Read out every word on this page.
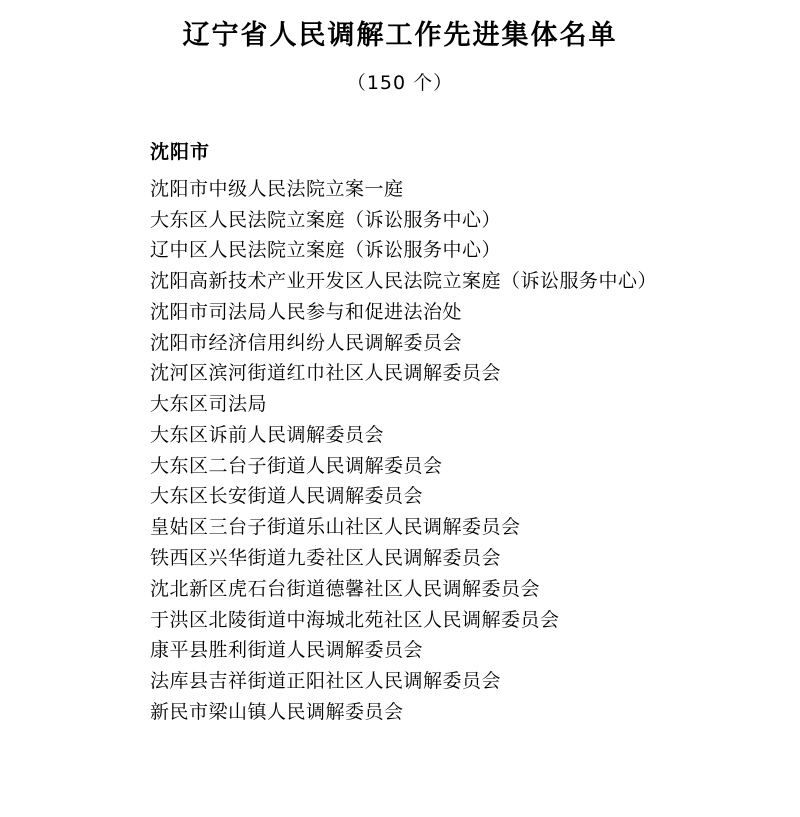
辽宁省人民调解工作先进集体名单
（150 个）
沈阳市
沈阳市中级人民法院立案一庭
大东区人民法院立案庭（诉讼服务中心）
辽中区人民法院立案庭（诉讼服务中心）
沈阳高新技术产业开发区人民法院立案庭（诉讼服务中心）
沈阳市司法局人民参与和促进法治处
沈阳市经济信用纠纷人民调解委员会
沈河区滨河街道红巾社区人民调解委员会
大东区司法局
大东区诉前人民调解委员会
大东区二台子街道人民调解委员会
大东区长安街道人民调解委员会
皇姑区三台子街道乐山社区人民调解委员会
铁西区兴华街道九委社区人民调解委员会
沈北新区虎石台街道德馨社区人民调解委员会
于洪区北陵街道中海城北苑社区人民调解委员会
康平县胜利街道人民调解委员会
法库县吉祥街道正阳社区人民调解委员会
新民市梁山镇人民调解委员会
